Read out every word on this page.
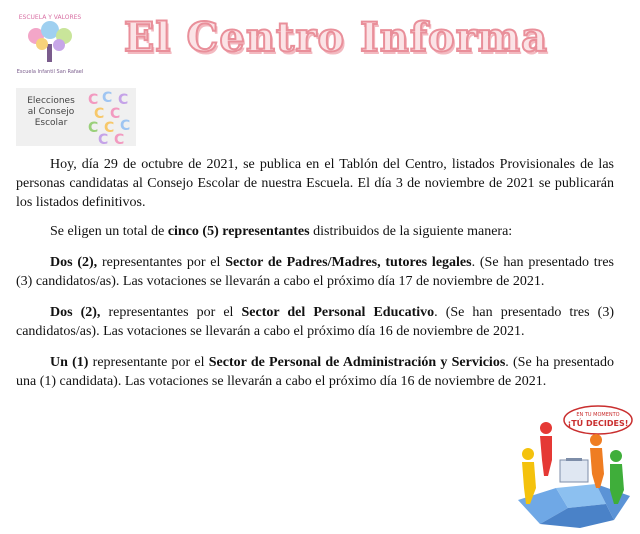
ESCUELA Y VALORES
Escuela Infantil San Rafael
El Centro Informa
Elecciones
al Consejo
Escolar
C C C
C C
C C C
C C

Hoy, día 29 de octubre de 2021, se publica en el Tablón del Centro, listados Provisionales de las personas candidatas al Consejo Escolar de nuestra Escuela. El día 3 de noviembre de 2021 se publicarán los listados definitivos.

Se eligen un total de cinco (5) representantes distribuidos de la siguiente manera:

Dos (2), representantes por el Sector de Padres/Madres, tutores legales. (Se han presentado tres (3) candidatos/as). Las votaciones se llevarán a cabo el próximo día 17 de noviembre de 2021.

Dos (2), representantes por el Sector del Personal Educativo. (Se han presentado tres (3) candidatos/as). Las votaciones se llevarán a cabo el próximo día 16 de noviembre de 2021.

Un (1) representante por el Sector de Personal de Administración y Servicios. (Se ha presentado una (1) candidata). Las votaciones se llevarán a cabo el próximo día 16 de noviembre de 2021.

EN TU MOMENTO
¡TÚ DECIDES!
